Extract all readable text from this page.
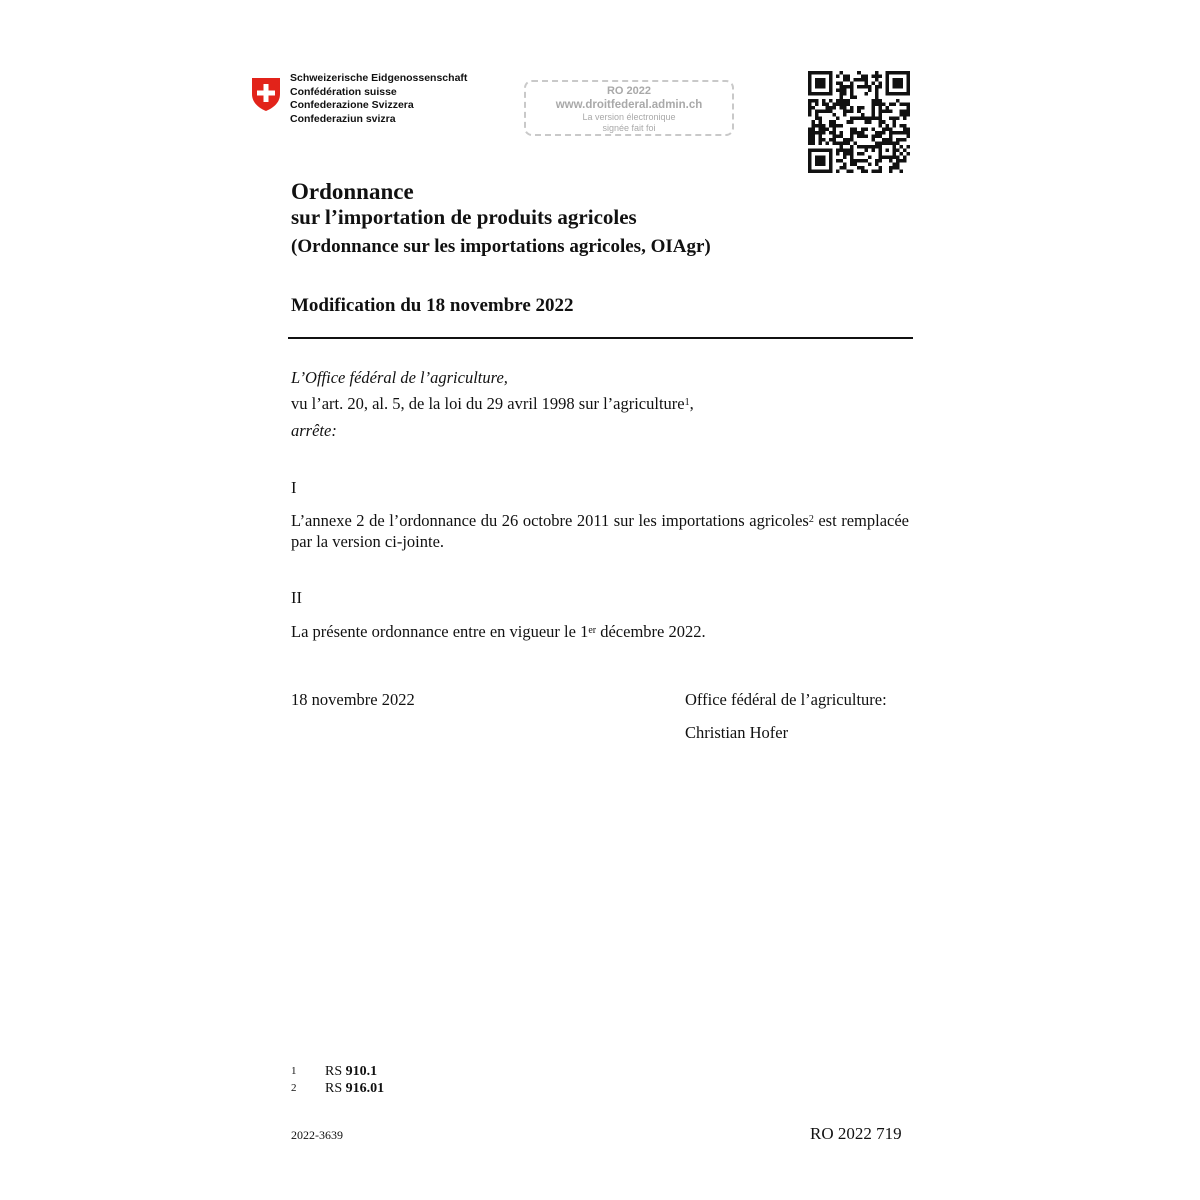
Schweizerische Eidgenossenschaft
Confédération suisse
Confederazione Svizzera
Confederaziun svizra
RO 2022
www.droitfederal.admin.ch
La version électronique
signée fait foi
Ordonnance
sur l’importation de produits agricoles
(Ordonnance sur les importations agricoles, OIAgr)
Modification du 18 novembre 2022
L’Office fédéral de l’agriculture,
vu l’art. 20, al. 5, de la loi du 29 avril 1998 sur l’agriculture$^1$,
arrête:
I
L’annexe 2 de l’ordonnance du 26 octobre 2011 sur les importations agricoles$^2$ est remplacée par la version ci-jointe.
II
La présente ordonnance entre en vigueur le 1er décembre 2022.
18 novembre 2022	Office fédéral de l’agriculture:
Christian Hofer
1	RS 910.1
2	RS 916.01
2022-3639	RO 2022 719
